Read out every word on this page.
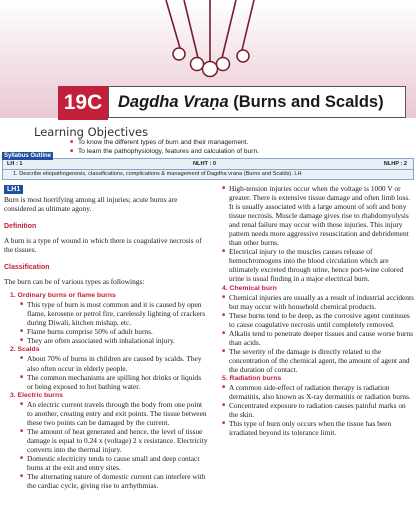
19C Dagdha Vraṇa (Burns and Scalds)
Learning Objectives
■ To know the different types of burn and their management.
■ To learn the pathophysiology, features and calculation of burn.
Syllabus Outline
LH : 1	NLHT : 0	NLHP : 2
1. Describe etiopathogenesis, classifications, complications & management of Dagdha vrana (Burns and Scalds). LH
LH1

Burn is most horrifying among all injuries; acute burns are considered as ultimate agony.

Definition

A burn is a type of wound in which there is coagulative necrosis of the tissues.

Classification

The burn can be of various types as followings:

1. Ordinary burns or flame burns
■ This type of burn is most common and it is caused by open flame, kerosene or petrol fire, carelessly lighting of crackers during Diwali, kitchen mishap, etc.
■ Flame burns comprise 50% of adult burns.
■ They are often associated with inhalational injury.
2. Scalds
■ About 70% of burns in children are caused by scalds. They also often occur in elderly people.
■ The common mechanisms are spilling hot drinks or liquids or being exposed to hot bathing water.
3. Electric burns
■ An electric current travels through the body from one point to another, creating entry and exit points. The tissue between these two points can be damaged by the current.
■ The amount of heat generated and hence, the level of tissue damage is equal to 0.24 x (voltage) 2 x resistance. Electricity converts into the thermal injury.
■ Domestic electricity tends to cause small and deep contact burns at the exit and entry sites.
■ The alternating nature of domestic current can interfere with the cardiac cycle, giving rise to arrhythmias.
■ High-tension injuries occur when the voltage is 1000 V or greater. There is extensive tissue damage and often limb loss. It is usually associated with a large amount of soft and bony tissue necrosis. Muscle damage gives rise to rhabdomyolysis and renal failure may occur with these injuries. This injury pattern needs more aggressive resuscitation and debridement than other burns.
■ Electrical injury to the muscles causes release of hemochromogens into the blood circulation which are ultimately excreted through urine, hence port-wine colored urine is usual finding in a major electrical burn.
4. Chemical burn
■ Chemical injuries are usually as a result of industrial accidents but may occur with household chemical products.
■ These burns tend to be deep, as the corrosive agent continues to cause coagulative necrosis until completely removed.
■ Alkalis tend to penetrate deeper tissues and cause worse burns than acids.
■ The severity of the damage is directly related to the concentration of the chemical agent, the amount of agent and the duration of contact.
5. Radiation burns
■ A common side-effect of radiation therapy is radiation dermatitis, also known as X-ray dermatitis or radiation burns.
■ Concentrated exposure to radiation causes painful marks on the skin.
■ This type of burn only occurs when the tissue has been irradiated beyond its tolerance limit.
